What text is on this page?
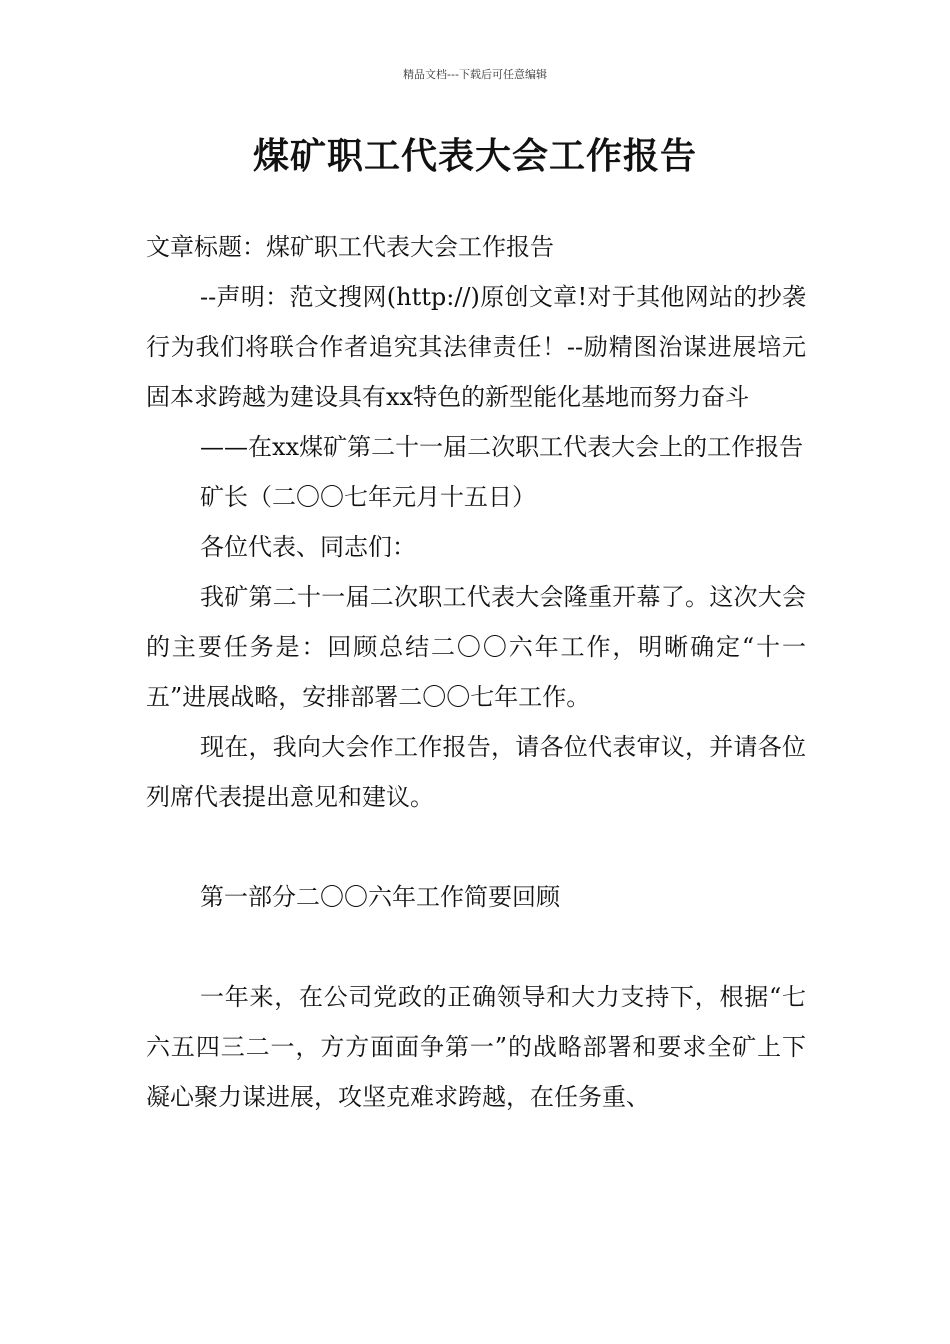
精品文档---下载后可任意编辑
煤矿职工代表大会工作报告

文章标题：煤矿职工代表大会工作报告

--声明：范文搜网(http://)原创文章!对于其他网站的抄袭行为我们将联合作者追究其法律责任！--励精图治谋进展培元固本求跨越为建设具有xx特色的新型能化基地而努力奋斗

——在xx煤矿第二十一届二次职工代表大会上的工作报告

矿长（二〇〇七年元月十五日）

各位代表、同志们：

我矿第二十一届二次职工代表大会隆重开幕了。这次大会的主要任务是：回顾总结二〇〇六年工作，明晰确定“十一五”进展战略，安排部署二〇〇七年工作。

现在，我向大会作工作报告，请各位代表审议，并请各位列席代表提出意见和建议。

第一部分二〇〇六年工作简要回顾

一年来，在公司党政的正确领导和大力支持下，根据“七六五四三二一，方方面面争第一”的战略部署和要求全矿上下凝心聚力谋进展，攻坚克难求跨越，在任务重、
